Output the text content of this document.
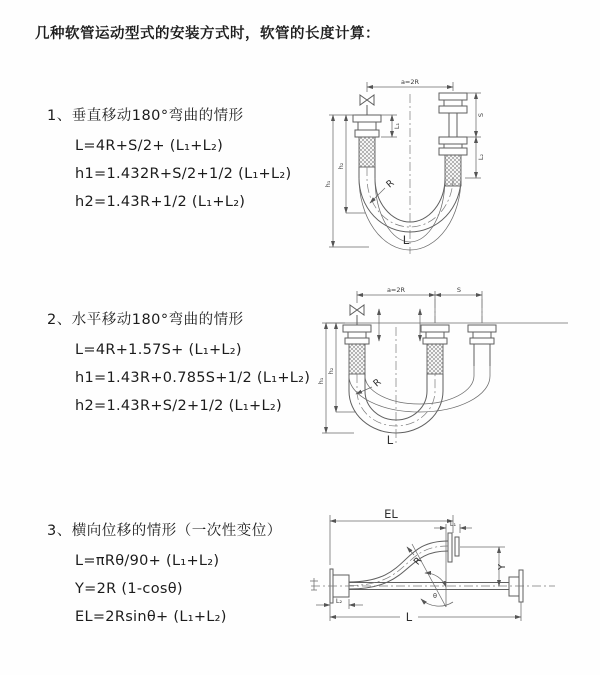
几种软管运动型式的安装方式时，软管的长度计算：
1、垂直移动180°弯曲的情形
L=4R+S/2+ (L₁+L₂)
h1=1.432R+S/2+1/2 (L₁+L₂)
h2=1.43R+1/2 (L₁+L₂)
2、水平移动180°弯曲的情形
L=4R+1.57S+ (L₁+L₂)
h1=1.43R+0.785S+1/2 (L₁+L₂)
h2=1.43R+S/2+1/2 (L₁+L₂)
3、横向位移的情形（一次性变位）
L=πRθ/90+ (L₁+L₂)
Y=2R (1-cosθ)
EL=2Rsinθ+ (L₁+L₂)
a=2R
h₁
h₂
L₁
S
L₂
R
L
a=2R	S
h₁
h₂
R
L
EL
L₁
θ
R	Y
L₂
L
